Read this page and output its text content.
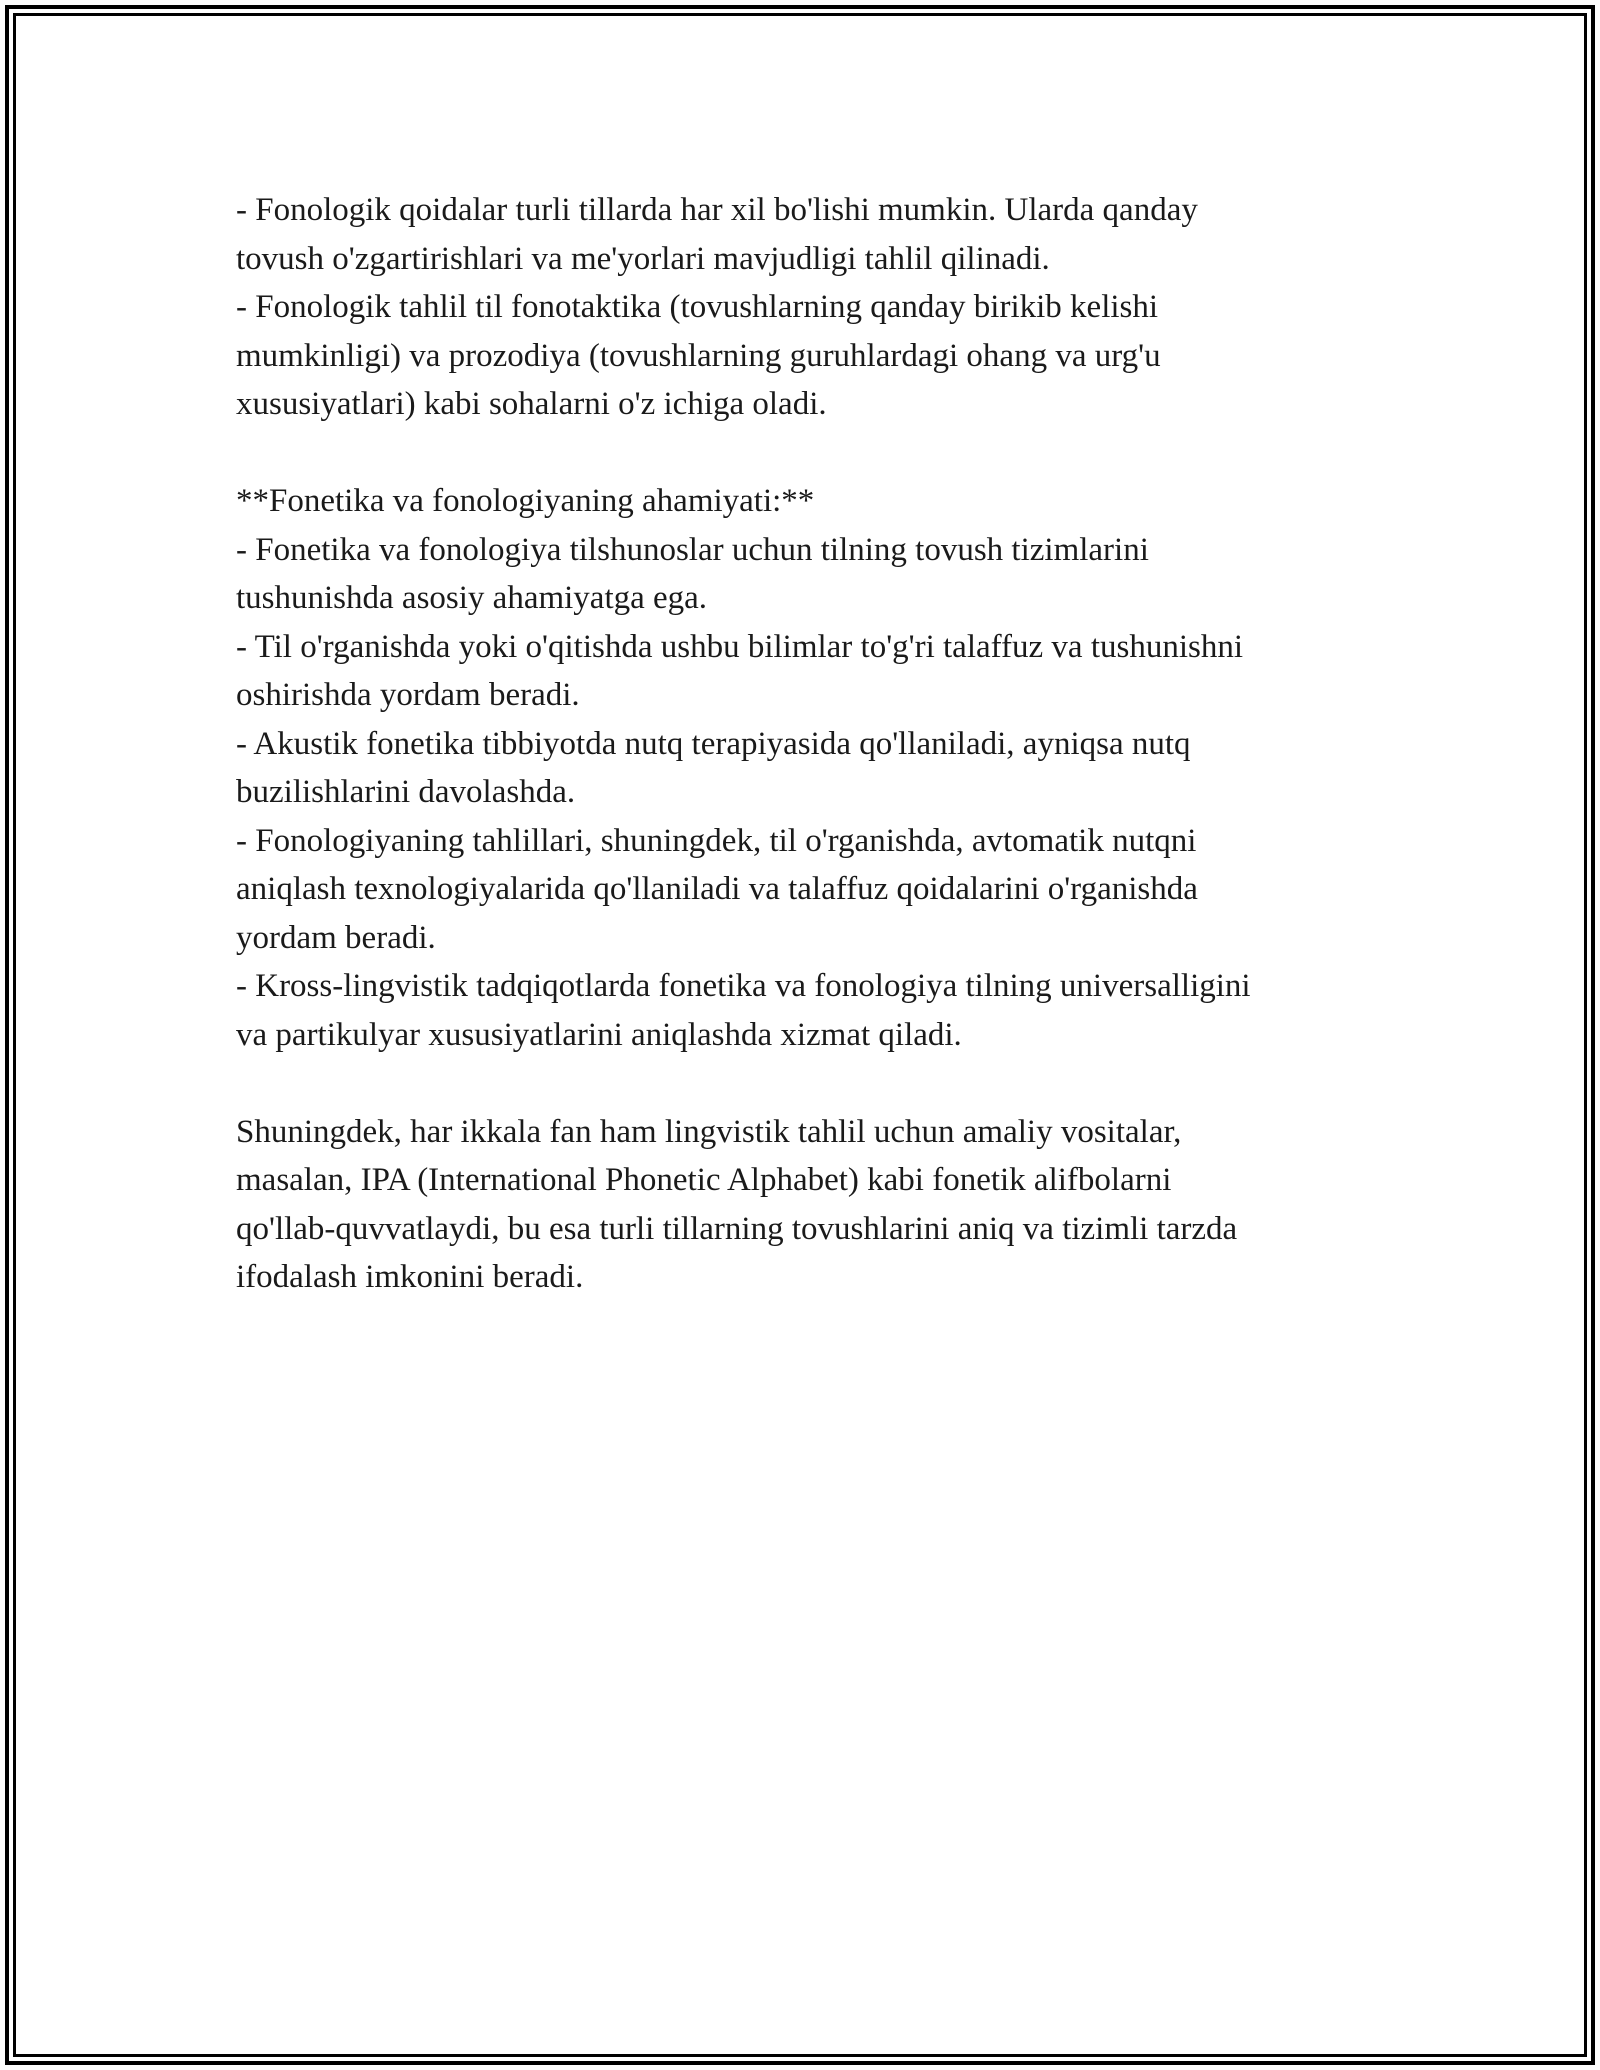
- Fonologik qoidalar turli tillarda har xil bo'lishi mumkin. Ularda qanday

tovush o'zgartirishlari va me'yorlari mavjudligi tahlil qilinadi.

- Fonologik tahlil til fonotaktika (tovushlarning qanday birikib kelishi

mumkinligi) va prozodiya (tovushlarning guruhlardagi ohang va urg'u

xususiyatlari) kabi sohalarni o'z ichiga oladi.

**Fonetika va fonologiyaning ahamiyati:**

- Fonetika va fonologiya tilshunoslar uchun tilning tovush tizimlarini

tushunishda asosiy ahamiyatga ega.

- Til o'rganishda yoki o'qitishda ushbu bilimlar to'g'ri talaffuz va tushunishni

oshirishda yordam beradi.

- Akustik fonetika tibbiyotda nutq terapiyasida qo'llaniladi, ayniqsa nutq

buzilishlarini davolashda.

- Fonologiyaning tahlillari, shuningdek, til o'rganishda, avtomatik nutqni

aniqlash texnologiyalarida qo'llaniladi va talaffuz qoidalarini o'rganishda

yordam beradi.

- Kross-lingvistik tadqiqotlarda fonetika va fonologiya tilning universalligini

va partikulyar xususiyatlarini aniqlashda xizmat qiladi.

Shuningdek, har ikkala fan ham lingvistik tahlil uchun amaliy vositalar,

masalan, IPA (International Phonetic Alphabet) kabi fonetik alifbolarni

qo'llab-quvvatlaydi, bu esa turli tillarning tovushlarini aniq va tizimli tarzda

ifodalash imkonini beradi.
